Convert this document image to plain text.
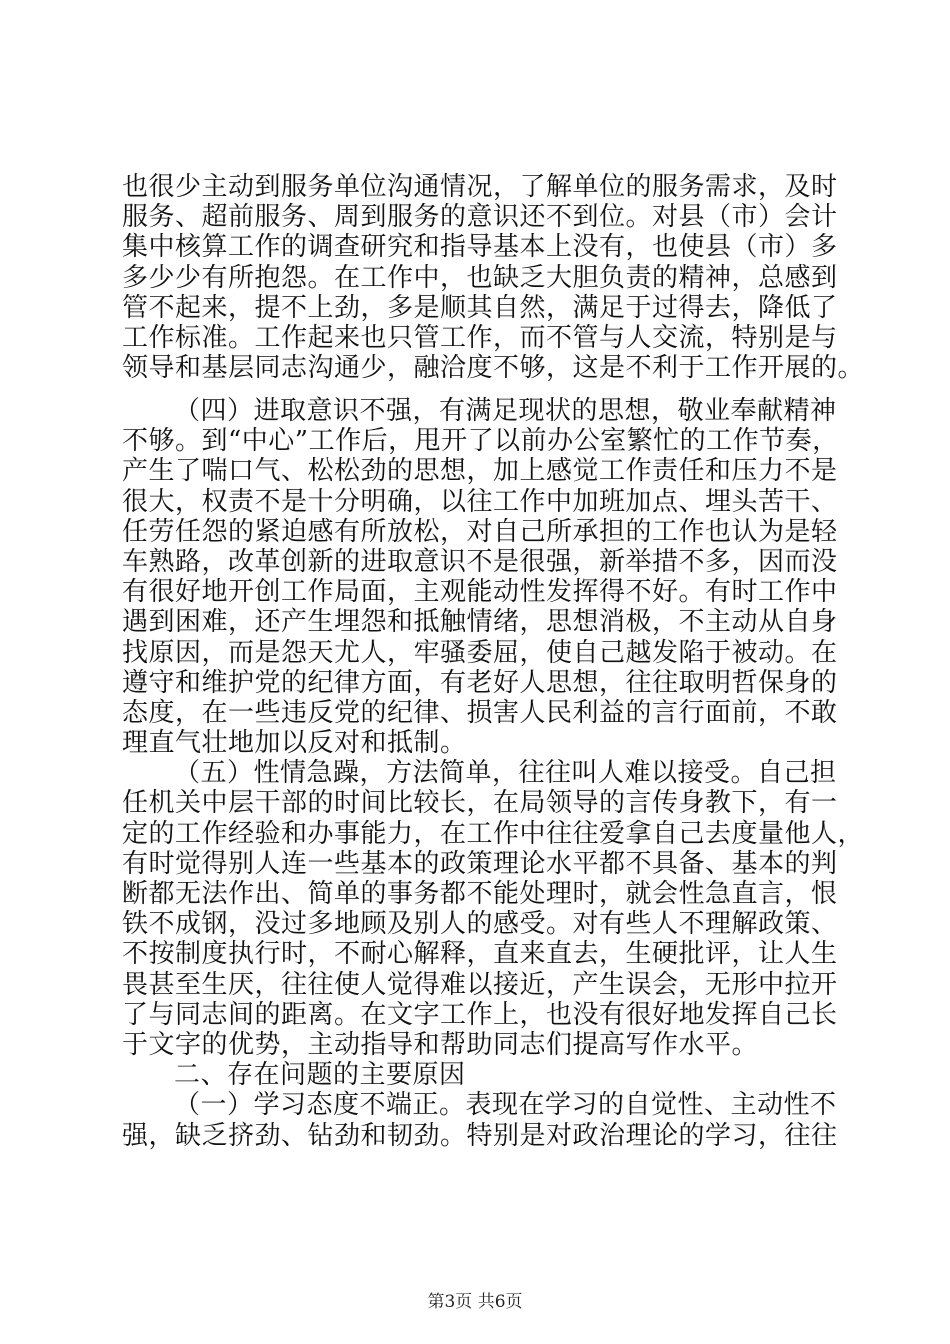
也很少主动到服务单位沟通情况，了解单位的服务需求，及时
服务、超前服务、周到服务的意识还不到位。对县（市）会计
集中核算工作的调查研究和指导基本上没有，也使县（市）多
多少少有所抱怨。在工作中，也缺乏大胆负责的精神，总感到
管不起来，提不上劲，多是顺其自然，满足于过得去，降低了
工作标准。工作起来也只管工作，而不管与人交流，特别是与
领导和基层同志沟通少，融洽度不够，这是不利于工作开展的。
（四）进取意识不强，有满足现状的思想，敬业奉献精神
不够。到“中心”工作后，甩开了以前办公室繁忙的工作节奏，
产生了喘口气、松松劲的思想，加上感觉工作责任和压力不是
很大，权责不是十分明确，以往工作中加班加点、埋头苦干、
任劳任怨的紧迫感有所放松，对自己所承担的工作也认为是轻
车熟路，改革创新的进取意识不是很强，新举措不多，因而没
有很好地开创工作局面，主观能动性发挥得不好。有时工作中
遇到困难，还产生埋怨和抵触情绪，思想消极，不主动从自身
找原因，而是怨天尤人，牢骚委屈，使自己越发陷于被动。在
遵守和维护党的纪律方面，有老好人思想，往往取明哲保身的
态度，在一些违反党的纪律、损害人民利益的言行面前，不敢
理直气壮地加以反对和抵制。
（五）性情急躁，方法简单，往往叫人难以接受。自己担
任机关中层干部的时间比较长，在局领导的言传身教下，有一
定的工作经验和办事能力，在工作中往往爱拿自己去度量他人，
有时觉得别人连一些基本的政策理论水平都不具备、基本的判
断都无法作出、简单的事务都不能处理时，就会性急直言，恨
铁不成钢，没过多地顾及别人的感受。对有些人不理解政策、
不按制度执行时，不耐心解释，直来直去，生硬批评，让人生
畏甚至生厌，往往使人觉得难以接近，产生误会，无形中拉开
了与同志间的距离。在文字工作上，也没有很好地发挥自己长
于文字的优势，主动指导和帮助同志们提高写作水平。
二、存在问题的主要原因
（一）学习态度不端正。表现在学习的自觉性、主动性不
强，缺乏挤劲、钻劲和韧劲。特别是对政治理论的学习，往往
第3页 共6页
